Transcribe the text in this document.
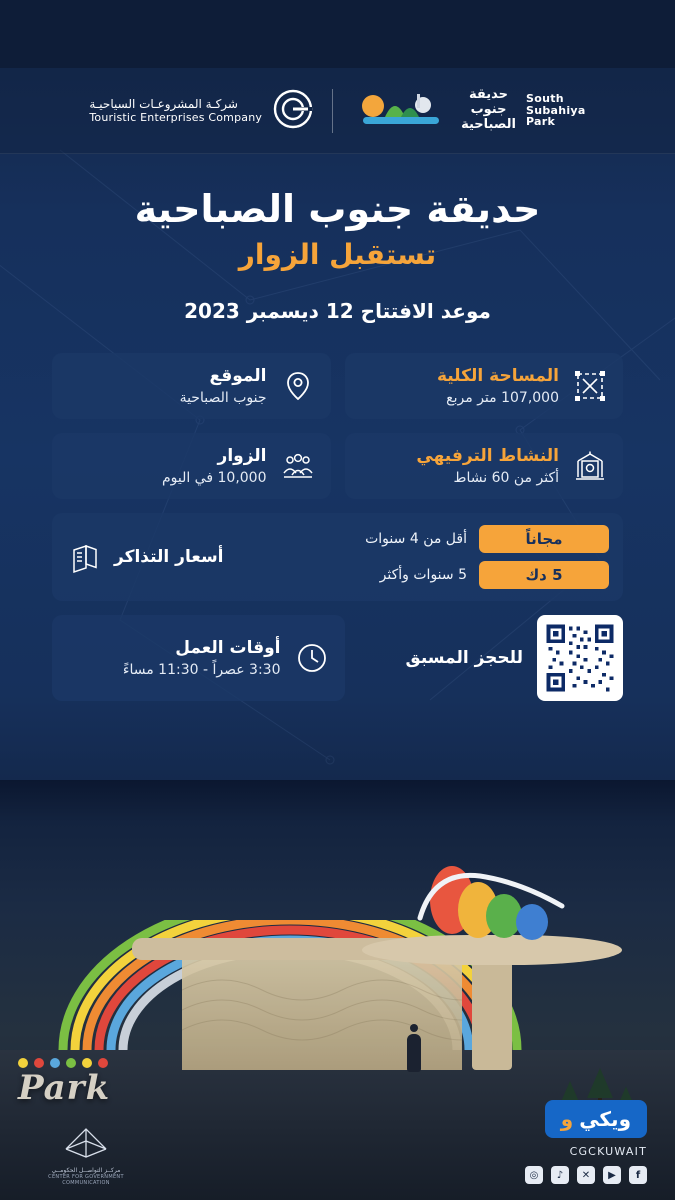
South
Subahiya
Park
حديقة
جنوب
الصباحية
شركـة المشروعـات السياحيـة
Touristic Enterprises Company
حديقة جنوب الصباحية
تستقبل الزوار
موعد الافتتاح 12 ديسمبر 2023
المساحة الكلية
107,000 متر مربع
الموقع
جنوب الصباحية
النشاط الترفيهي
أكثر من 60 نشاط
الزوار
10,000 في اليوم
مجاناً
أقل من 4 سنوات
5 دك
5 سنوات وأكثر
أسعار التذاكر
للحجز المسبق
أوقات العمل
3:30 عصراً - 11:30 مساءً
Park
مركــز التواصــل الحكومــي
CENTER FOR GOVERNMENT COMMUNICATION
ويكي
و
CGCKUWAIT
◎	♪	✕	▶	f
